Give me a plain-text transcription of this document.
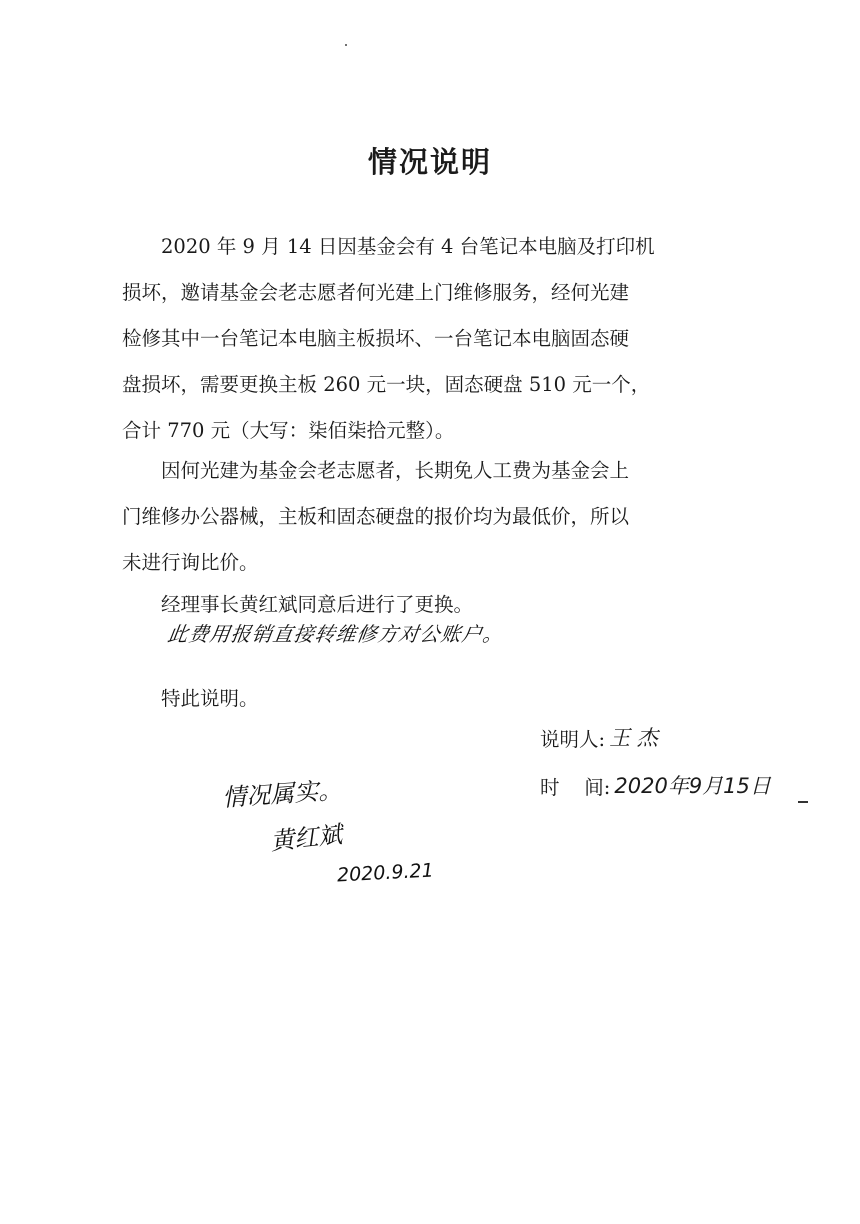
情况说明
2020 年 9 月 14 日因基金会有 4 台笔记本电脑及打印机
损坏，邀请基金会老志愿者何光建上门维修服务，经何光建
检修其中一台笔记本电脑主板损坏、一台笔记本电脑固态硬
盘损坏，需要更换主板 260 元一块，固态硬盘 510 元一个，
合计 770 元（大写：柒佰柒拾元整）。
因何光建为基金会老志愿者，长期免人工费为基金会上
门维修办公器械，主板和固态硬盘的报价均为最低价，所以
未进行询比价。
经理事长黄红斌同意后进行了更换。
此费用报销直接转维修方对公账户。
特此说明。
说明人: 王 杰
时    间: 2020年9月15日
情况属实。
黄红斌
2020.9.21
